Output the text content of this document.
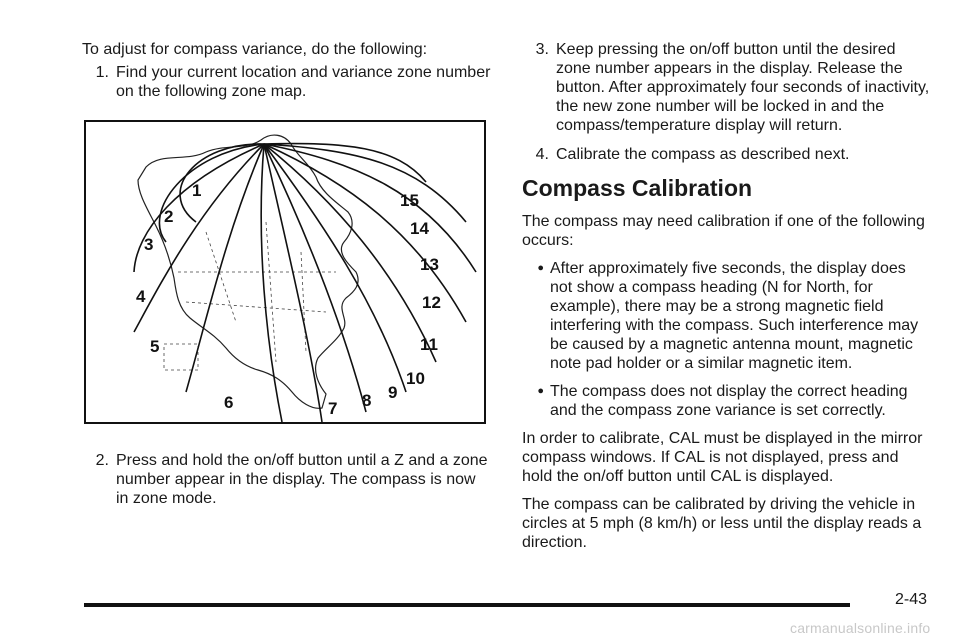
To adjust for compass variance, do the following:

1. Find your current location and variance zone number on the following zone map.
1
2
3
4
5
6	7 8 9
10
11
12
13
14
15
2. Press and hold the on/off button until a Z and a zone number appear in the display. The compass is now in zone mode.
3. Keep pressing the on/off button until the desired zone number appears in the display. Release the button. After approximately four seconds of inactivity, the new zone number will be locked in and the compass/temperature display will return.
4. Calibrate the compass as described next.
Compass Calibration

The compass may need calibration if one of the following occurs:

● After approximately five seconds, the display does not show a compass heading (N for North, for example), there may be a strong magnetic field interfering with the compass. Such interference may be caused by a magnetic antenna mount, magnetic note pad holder or a similar magnetic item.
● The compass does not display the correct heading and the compass zone variance is set correctly.

In order to calibrate, CAL must be displayed in the mirror compass windows. If CAL is not displayed, press and hold the on/off button until CAL is displayed.

The compass can be calibrated by driving the vehicle in circles at 5 mph (8 km/h) or less until the display reads a direction.

2-43
carmanualsonline.info
